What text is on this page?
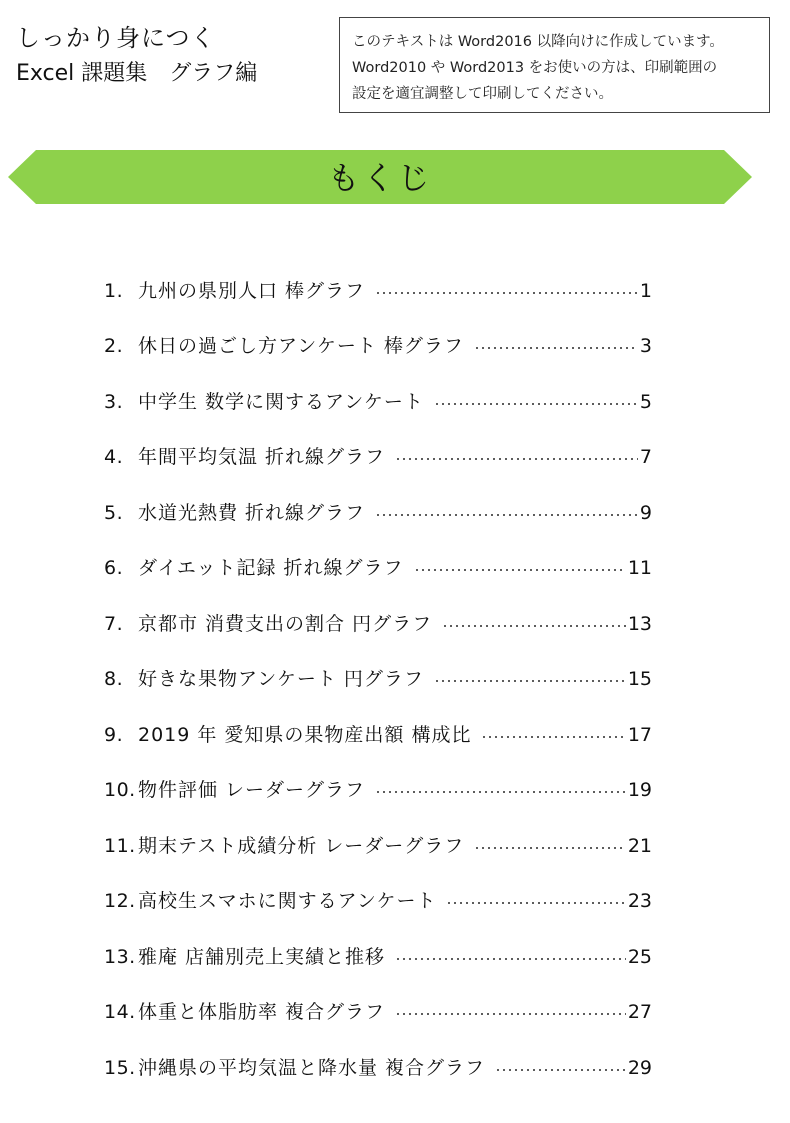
しっかり身につく
Excel 課題集　グラフ編
このテキストは Word2016 以降向けに作成しています。
Word2010 や Word2013 をお使いの方は、印刷範囲の
設定を適宜調整して印刷してください。
もくじ
1. 九州の県別人口 棒グラフ	1
2. 休日の過ごし方アンケート 棒グラフ	3
3. 中学生 数学に関するアンケート	5
4. 年間平均気温 折れ線グラフ	7
5. 水道光熱費 折れ線グラフ	9
6. ダイエット記録 折れ線グラフ	11
7. 京都市 消費支出の割合 円グラフ	13
8. 好きな果物アンケート 円グラフ	15
9. 2019 年 愛知県の果物産出額 構成比	17
10. 物件評価 レーダーグラフ	19
11. 期末テスト成績分析 レーダーグラフ	21
12. 高校生スマホに関するアンケート	23
13. 雅庵 店舗別売上実績と推移	25
14. 体重と体脂肪率 複合グラフ	27
15. 沖縄県の平均気温と降水量 複合グラフ	29
